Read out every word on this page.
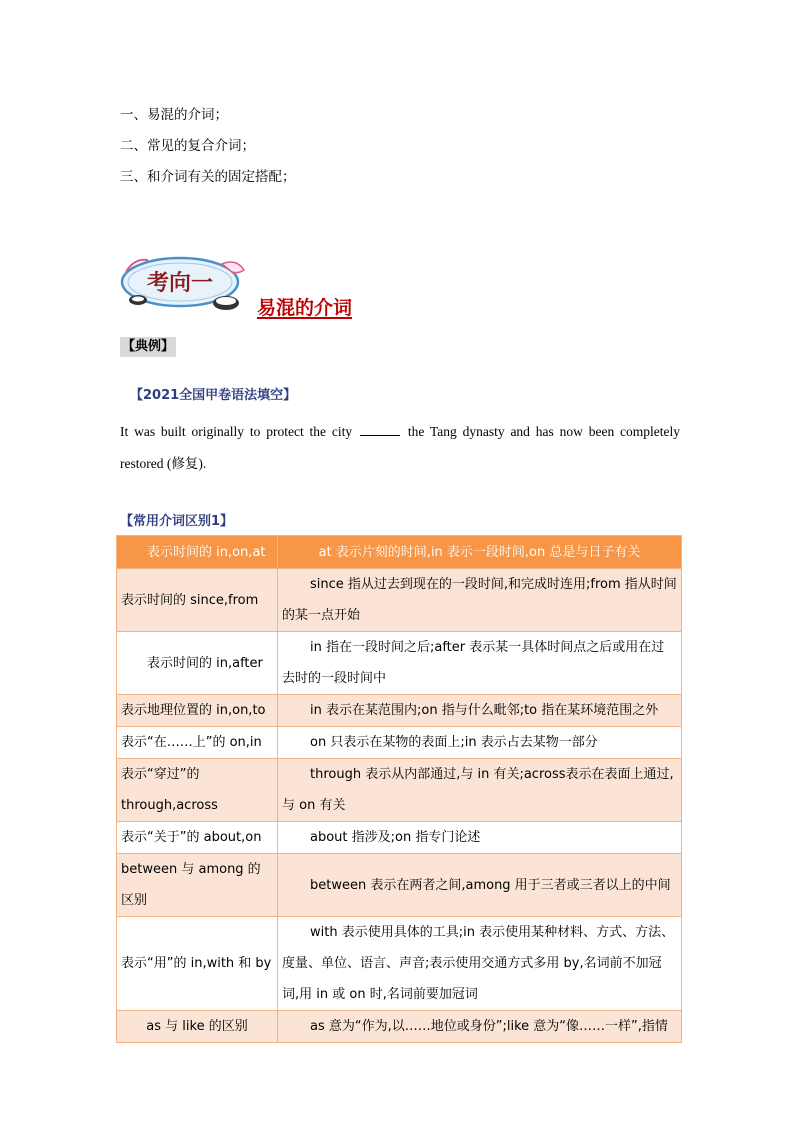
一、易混的介词；
二、常见的复合介词；
三、和介词有关的固定搭配；
考向一
易混的介词
【典例】
【2021全国甲卷语法填空】
It was built originally to protect the city	the Tang dynasty and has now been completely restored (修复).
【常用介词区别1】
表示时间的 in,on,at	at 表示片刻的时间,in 表示一段时间,on 总是与日子有关
表示时间的 since,from	since 指从过去到现在的一段时间,和完成时连用;from 指从时间的某一点开始
表示时间的 in,after	in 指在一段时间之后;after 表示某一具体时间点之后或用在过去时的一段时间中
表示地理位置的 in,on,to	in 表示在某范围内;on 指与什么毗邻;to 指在某环境范围之外
表示“在……上”的 on,in	on 只表示在某物的表面上;in 表示占去某物一部分
表示“穿过”的 through,across	through 表示从内部通过,与 in 有关;across表示在表面上通过,与 on 有关
表示“关于”的 about,on	about 指涉及;on 指专门论述
between 与 among 的区别	between 表示在两者之间,among 用于三者或三者以上的中间
表示“用”的 in,with 和 by	with 表示使用具体的工具;in 表示使用某种材料、方式、方法、度量、单位、语言、声音;表示使用交通方式多用 by,名词前不加冠词,用 in 或 on 时,名词前要加冠词
as 与 like 的区别	as 意为“作为,以……地位或身份”;like 意为“像……一样”,指情
